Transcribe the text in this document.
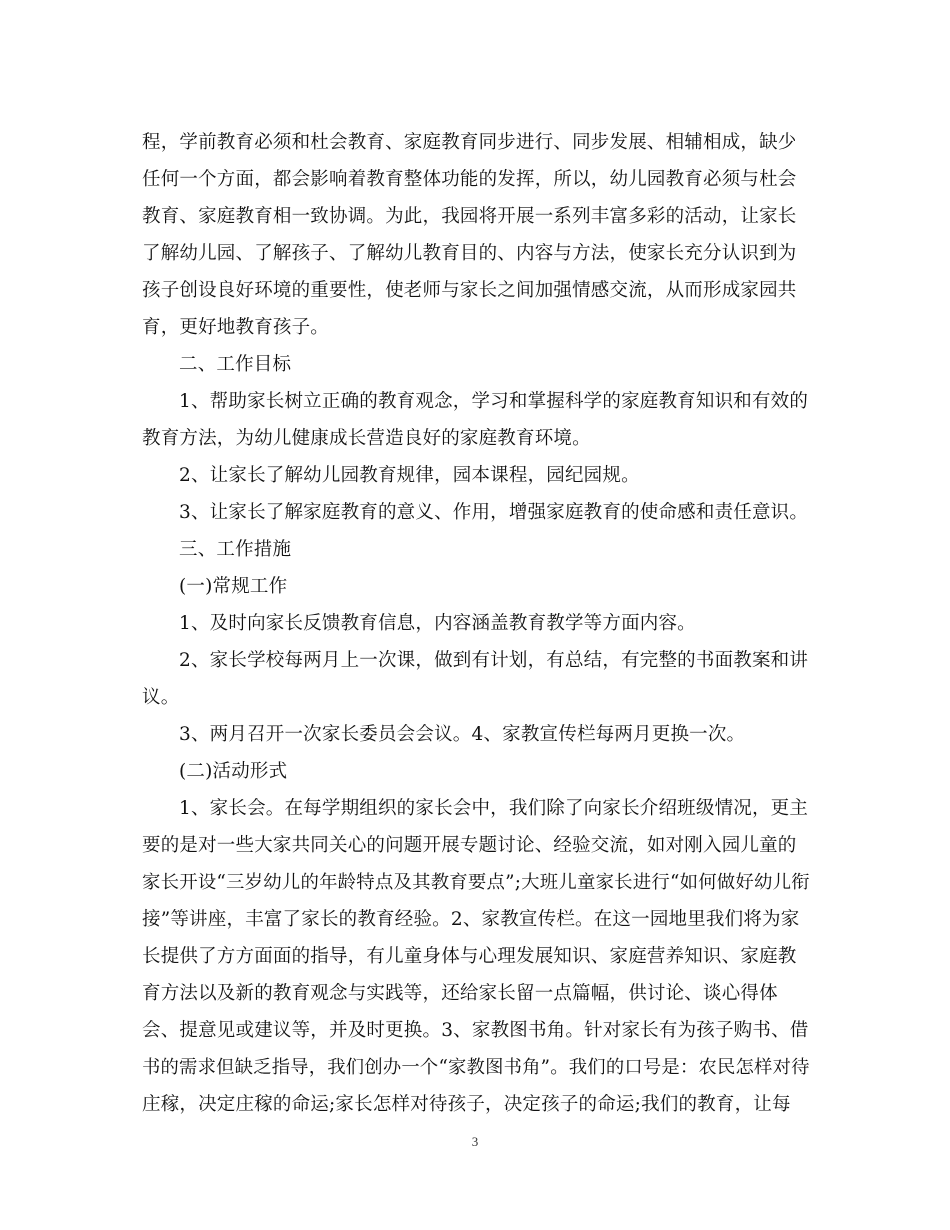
程，学前教育必须和杜会教育、家庭教育同步进行、同步发展、相辅相成，缺少
任何一个方面，都会影响着教育整体功能的发挥，所以，幼儿园教育必须与杜会
教育、家庭教育相一致协调。为此，我园将开展一系列丰富多彩的活动，让家长
了解幼儿园、了解孩子、了解幼儿教育目的、内容与方法，使家长充分认识到为
孩子创设良好环境的重要性，使老师与家长之间加强情感交流，从而形成家园共
育，更好地教育孩子。
二、工作目标
1、帮助家长树立正确的教育观念，学习和掌握科学的家庭教育知识和有效的
教育方法，为幼儿健康成长营造良好的家庭教育环境。
2、让家长了解幼儿园教育规律，园本课程，园纪园规。
3、让家长了解家庭教育的意义、作用，增强家庭教育的使命感和责任意识。
三、工作措施
(一)常规工作
1、及时向家长反馈教育信息，内容涵盖教育教学等方面内容。
2、家长学校每两月上一次课，做到有计划，有总结，有完整的书面教案和讲
议。
3、两月召开一次家长委员会会议。4、家教宣传栏每两月更换一次。
(二)活动形式
1、家长会。在每学期组织的家长会中，我们除了向家长介绍班级情况，更主
要的是对一些大家共同关心的问题开展专题讨论、经验交流，如对刚入园儿童的
家长开设“三岁幼儿的年龄特点及其教育要点”;大班儿童家长进行“如何做好幼儿衔
接”等讲座，丰富了家长的教育经验。2、家教宣传栏。在这一园地里我们将为家
长提供了方方面面的指导，有儿童身体与心理发展知识、家庭营养知识、家庭教
育方法以及新的教育观念与实践等，还给家长留一点篇幅，供讨论、谈心得体
会、提意见或建议等，并及时更换。3、家教图书角。针对家长有为孩子购书、借
书的需求但缺乏指导，我们创办一个“家教图书角”。我们的口号是：农民怎样对待
庄稼，决定庄稼的命运;家长怎样对待孩子，决定孩子的命运;我们的教育，让每
3
